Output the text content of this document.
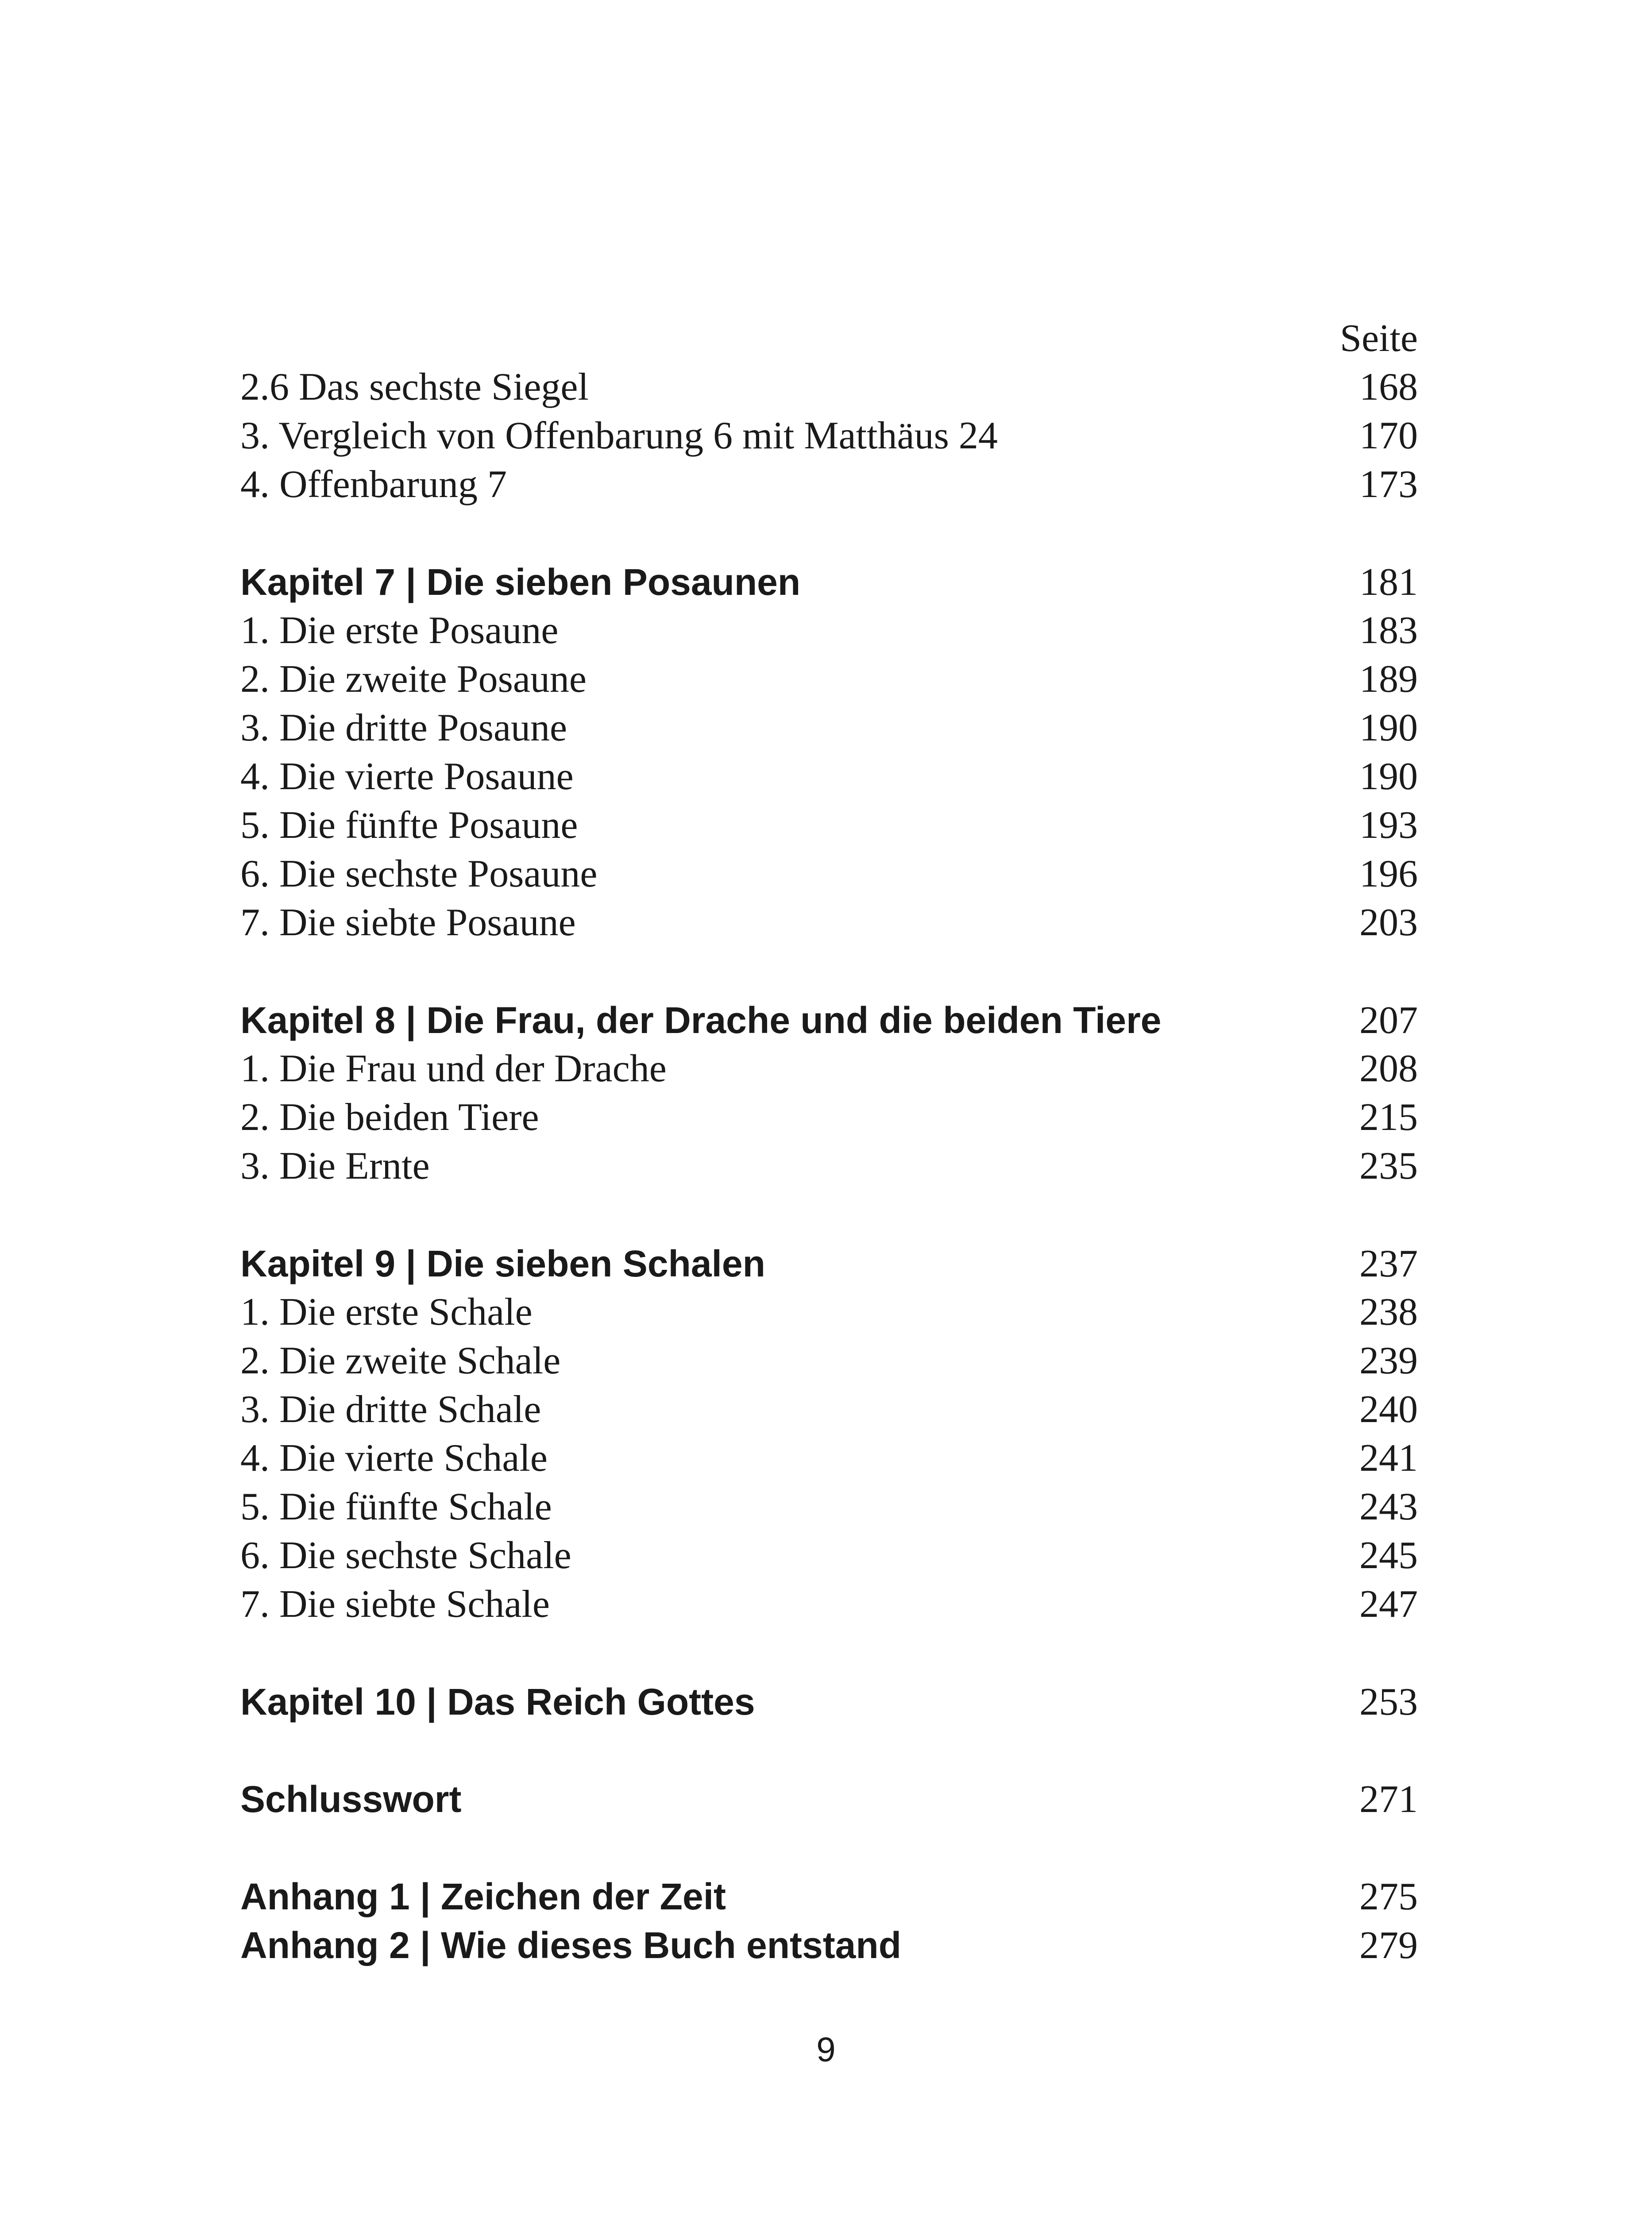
Seite
2.6 Das sechste Siegel	168
3. Vergleich von Offenbarung 6 mit Matthäus 24	170
4. Offenbarung 7	173
Kapitel 7 | Die sieben Posaunen	181
1. Die erste Posaune	183
2. Die zweite Posaune	189
3. Die dritte Posaune	190
4. Die vierte Posaune	190
5. Die fünfte Posaune	193
6. Die sechste Posaune	196
7. Die siebte Posaune	203
Kapitel 8 | Die Frau, der Drache und die beiden Tiere	207
1. Die Frau und der Drache	208
2. Die beiden Tiere	215
3. Die Ernte	235
Kapitel 9 | Die sieben Schalen	237
1. Die erste Schale	238
2. Die zweite Schale	239
3. Die dritte Schale	240
4. Die vierte Schale	241
5. Die fünfte Schale	243
6. Die sechste Schale	245
7. Die siebte Schale	247
Kapitel 10 | Das Reich Gottes	253
Schlusswort	271
Anhang 1 | Zeichen der Zeit	275
Anhang 2 | Wie dieses Buch entstand	279
9
